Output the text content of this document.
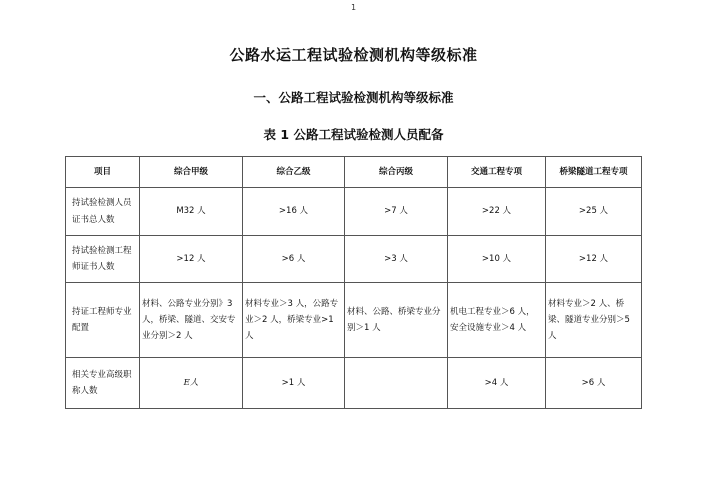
1
公路水运工程试验检测机构等级标准
一、公路工程试验检测机构等级标准
表 1 公路工程试验检测人员配备
项目	综合甲级	综合乙级	综合丙级	交通工程专项	桥梁隧道工程专项
持试验检测人员证书总人数	M32 人	>16 人	>7 人	>22 人	>25 人
持试验检测工程师证书人数	>12 人	>6 人	>3 人	>10 人	>12 人
持证工程师专业配置	材料、公路专业分别》3 人，桥梁、隧道、交安专业分别＞2 人	材料专业＞3 人，公路专业＞2 人，桥梁专业>1 人	材料、公路、桥梁专业分别＞1 人	机电工程专业＞6 人，安全设施专业＞4 人	材料专业＞2 人、桥梁、隧道专业分别＞5 人
相关专业高级职称人数	E人	>1 人		>4 人	>6 人
